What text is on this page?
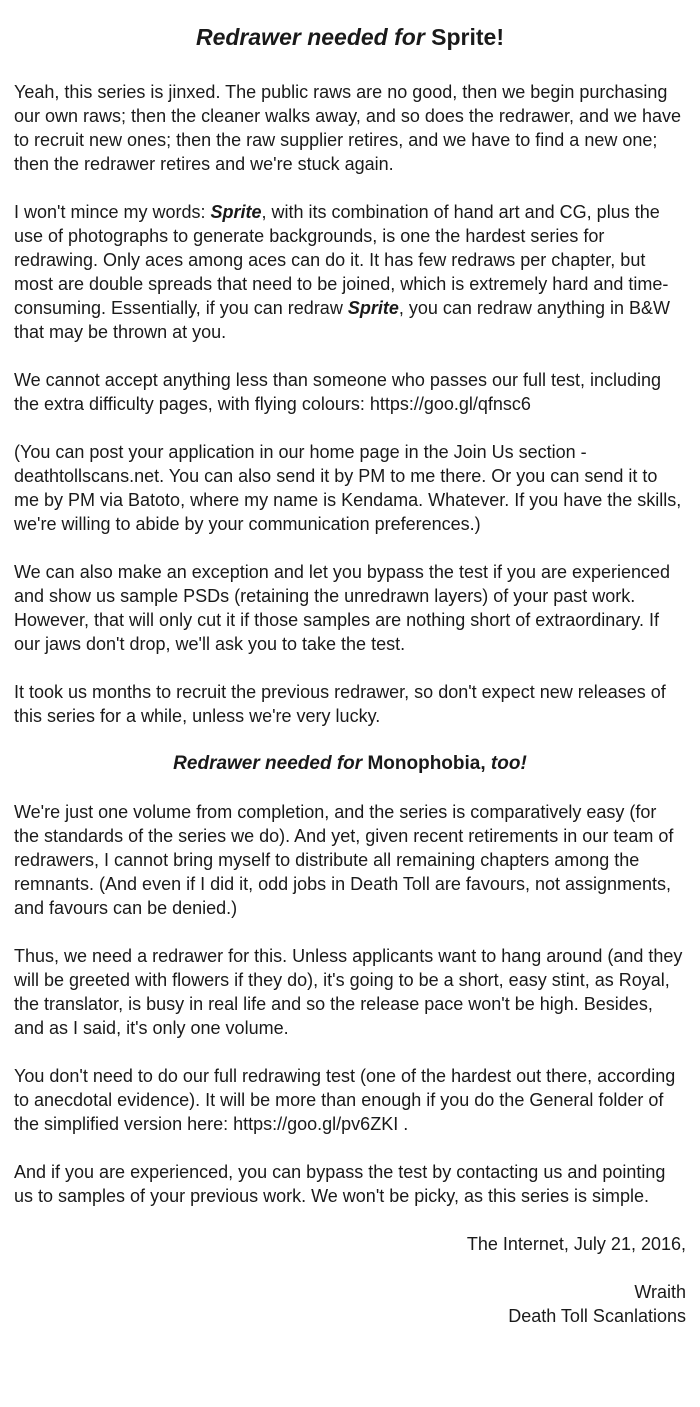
Redrawer needed for Sprite!

Yeah, this series is jinxed. The public raws are no good, then we begin purchasing our own raws; then the cleaner walks away, and so does the redrawer, and we have to recruit new ones; then the raw supplier retires, and we have to find a new one; then the redrawer retires and we're stuck again.

I won't mince my words: Sprite, with its combination of hand art and CG, plus the use of photographs to generate backgrounds, is one the hardest series for redrawing. Only aces among aces can do it. It has few redraws per chapter, but most are double spreads that need to be joined, which is extremely hard and time-consuming. Essentially, if you can redraw Sprite, you can redraw anything in B&W that may be thrown at you.

We cannot accept anything less than someone who passes our full test, including the extra difficulty pages, with flying colours: https://goo.gl/qfnsc6

(You can post your application in our home page in the Join Us section - deathtollscans.net. You can also send it by PM to me there. Or you can send it to me by PM via Batoto, where my name is Kendama. Whatever. If you have the skills, we're willing to abide by your communication preferences.)

We can also make an exception and let you bypass the test if you are experienced and show us sample PSDs (retaining the unredrawn layers) of your past work. However, that will only cut it if those samples are nothing short of extraordinary. If our jaws don't drop, we'll ask you to take the test.

It took us months to recruit the previous redrawer, so don't expect new releases of this series for a while, unless we're very lucky.

Redrawer needed for Monophobia, too!

We're just one volume from completion, and the series is comparatively easy (for the standards of the series we do). And yet, given recent retirements in our team of redrawers, I cannot bring myself to distribute all remaining chapters among the remnants. (And even if I did it, odd jobs in Death Toll are favours, not assignments, and favours can be denied.)

Thus, we need a redrawer for this. Unless applicants want to hang around (and they will be greeted with flowers if they do), it's going to be a short, easy stint, as Royal, the translator, is busy in real life and so the release pace won't be high. Besides, and as I said, it's only one volume.

You don't need to do our full redrawing test (one of the hardest out there, according to anecdotal evidence). It will be more than enough if you do the General folder of the simplified version here: https://goo.gl/pv6ZKI .

And if you are experienced, you can bypass the test by contacting us and pointing us to samples of your previous work. We won't be picky, as this series is simple.

The Internet, July 21, 2016,

Wraith

Death Toll Scanlations
